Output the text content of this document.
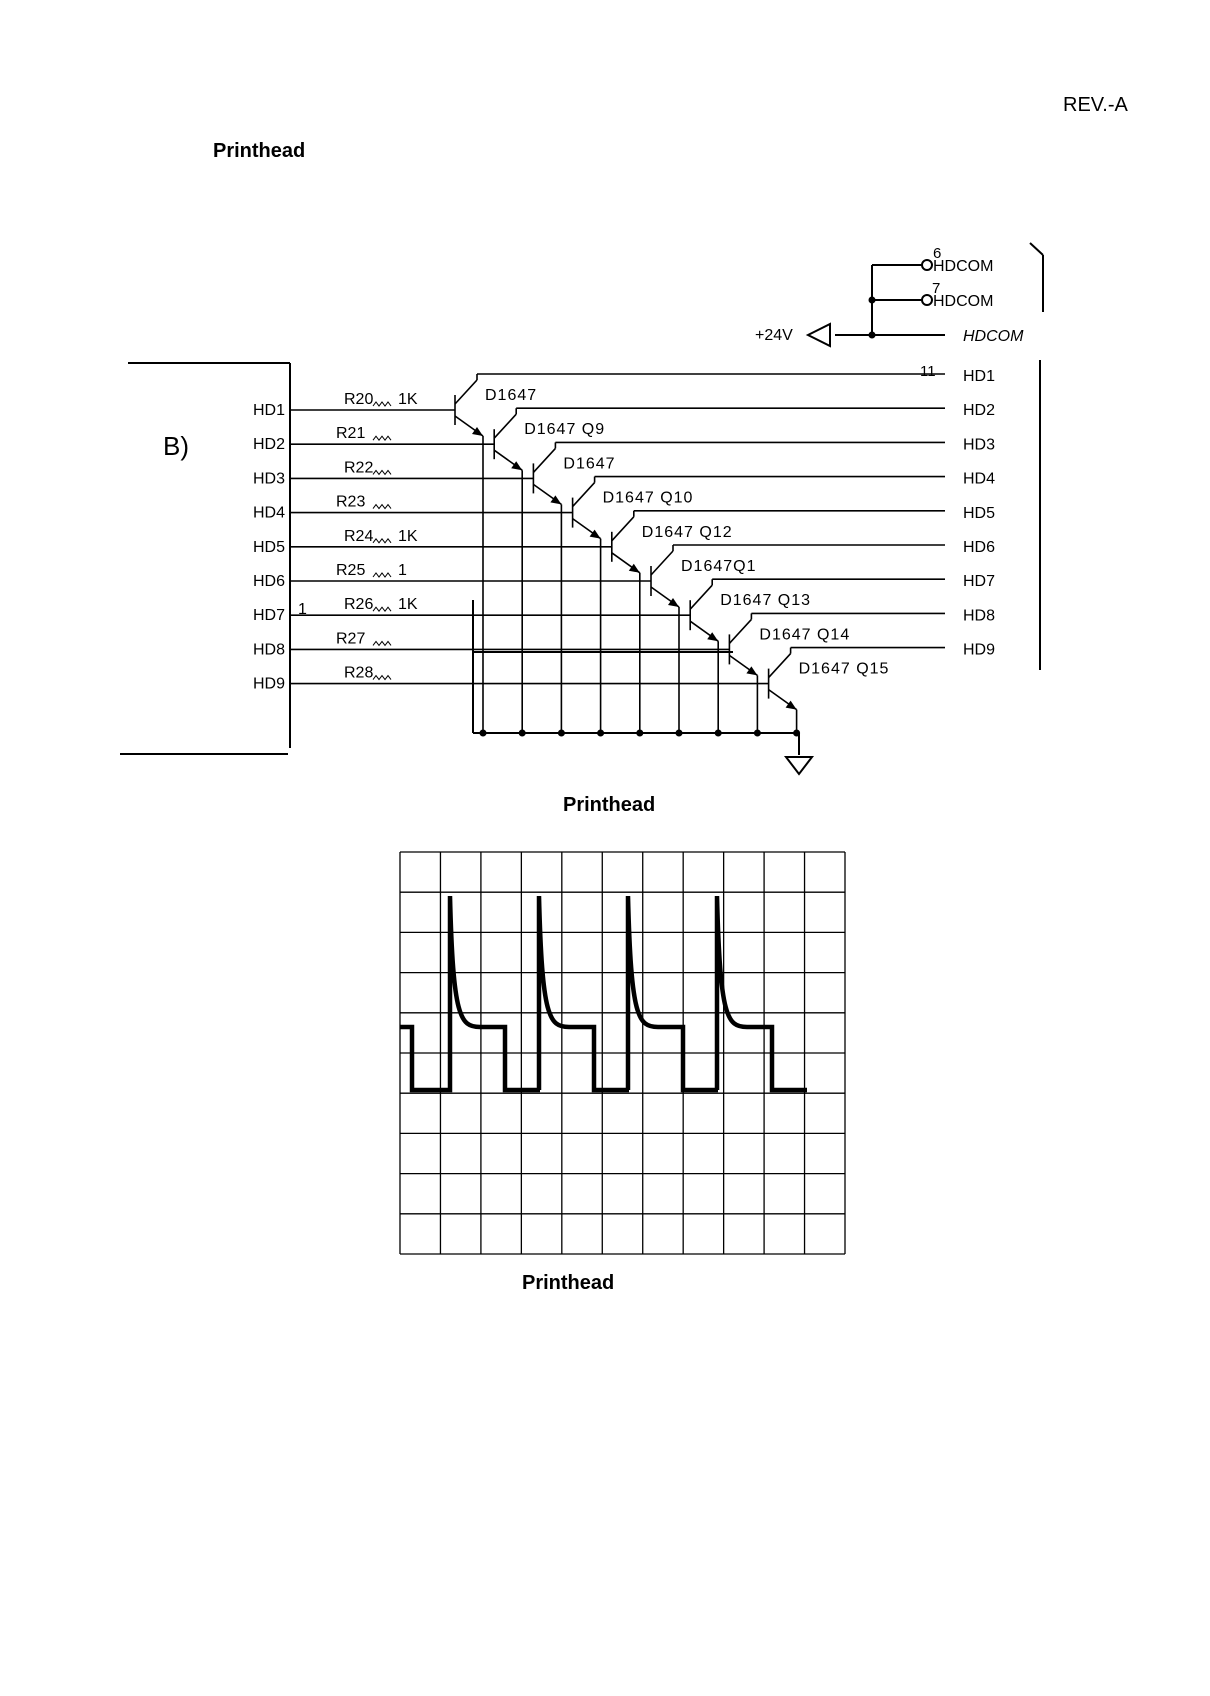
REV.-A
Printhead
Printhead
Printhead
HDCOM
HDCOM
HDCOM
6
7
+24V
11
1
B)
HD1
HD1
R20 1K	D1647
HD2
HD2
R21	D1647 Q9
HD3
HD3
R22	D1647
HD4
HD4
R23	D1647 Q10
HD5
HD5
R24 1K	D1647 Q12
HD6
HD6
R25 1	D1647Q1
HD7
HD7
R26 1K	D1647 Q13
HD8
HD8
R27	D1647 Q14
HD9
HD9
R28	D1647 Q15
